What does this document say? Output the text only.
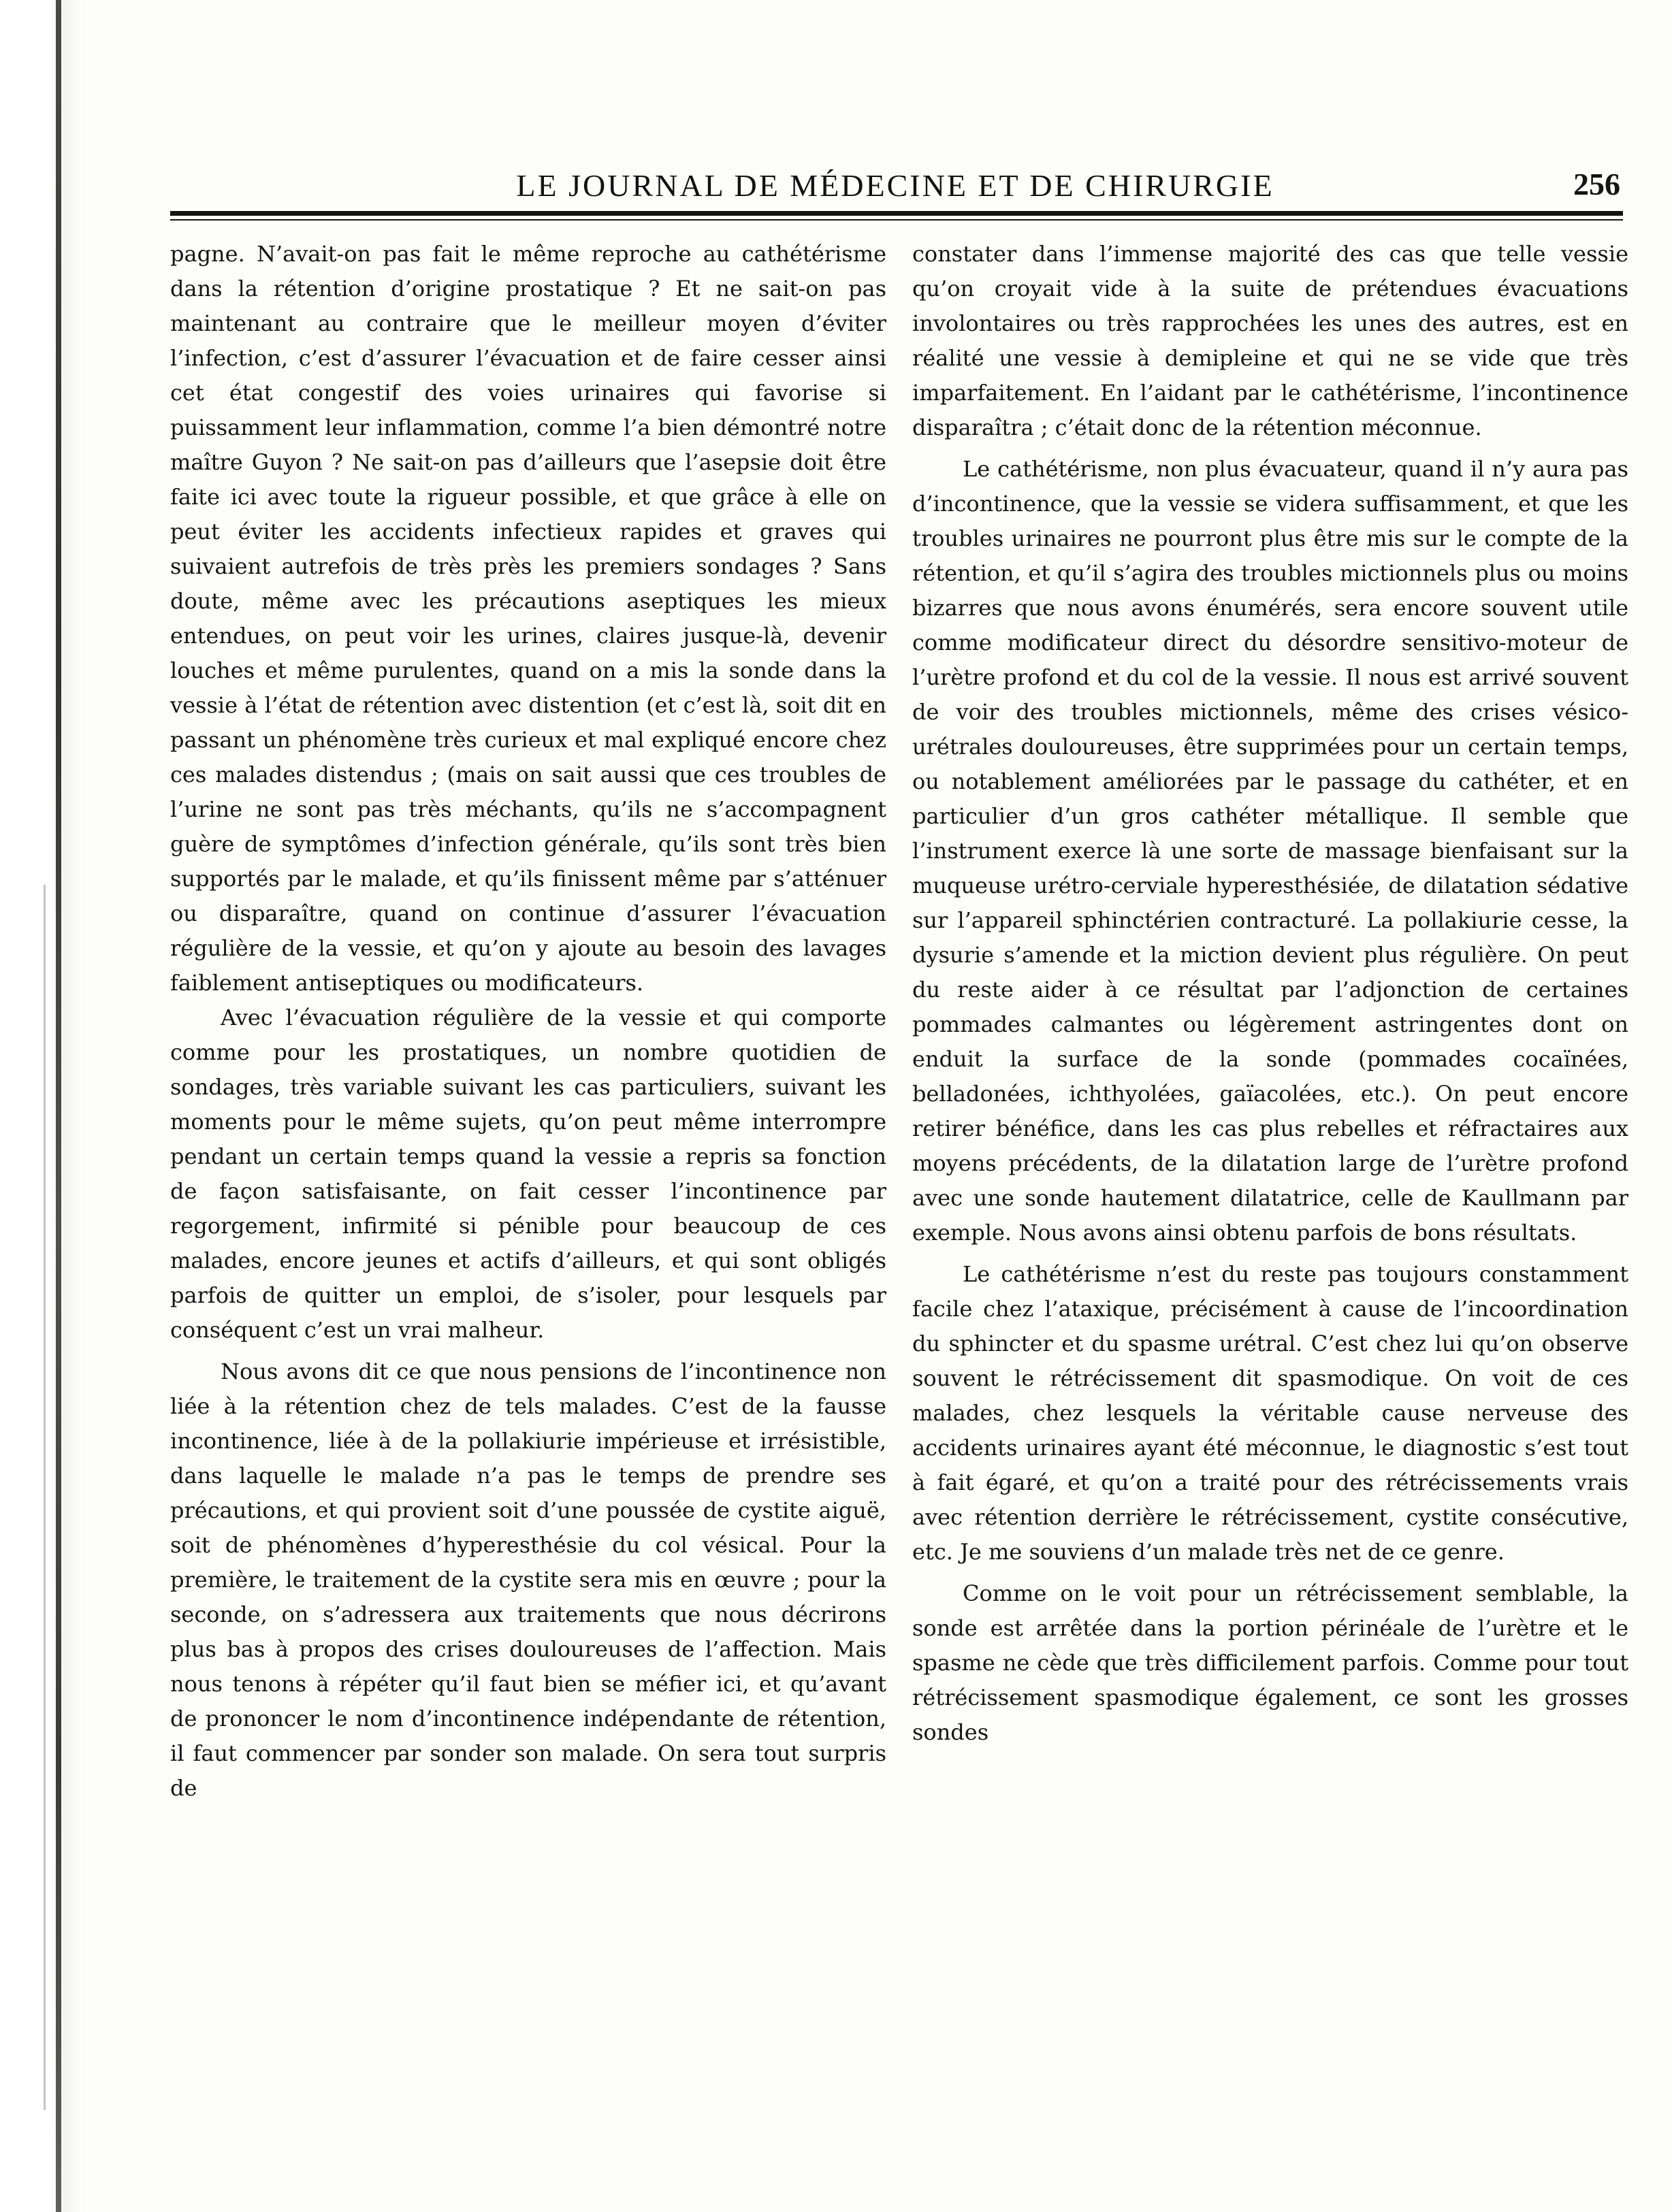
LE JOURNAL DE MÉDECINE ET DE CHIRURGIE	256

pagne. N’avait-on pas fait le même reproche au cathétérisme dans la rétention d’origine prostatique ? Et ne sait-on pas maintenant au contraire que le meilleur moyen d’éviter l’infection, c’est d’assurer l’évacuation et de faire cesser ainsi cet état congestif des voies urinaires qui favorise si puissamment leur inflammation, comme l’a bien démontré notre maître Guyon ? Ne sait-on pas d’ailleurs que l’asepsie doit être faite ici avec toute la rigueur possible, et que grâce à elle on peut éviter les accidents infectieux rapides et graves qui suivaient autrefois de très près les premiers sondages ? Sans doute, même avec les précautions aseptiques les mieux entendues, on peut voir les urines, claires jusque-là, devenir louches et même purulentes, quand on a mis la sonde dans la vessie à l’état de rétention avec distention (et c’est là, soit dit en passant un phénomène très curieux et mal expliqué encore chez ces malades distendus ; (mais on sait aussi que ces troubles de l’urine ne sont pas très méchants, qu’ils ne s’accompagnent guère de symptômes d’infection générale, qu’ils sont très bien supportés par le malade, et qu’ils finissent même par s’atténuer ou disparaître, quand on continue d’assurer l’évacuation régulière de la vessie, et qu’on y ajoute au besoin des lavages faiblement antiseptiques ou modificateurs.

Avec l’évacuation régulière de la vessie et qui comporte comme pour les prostatiques, un nombre quotidien de sondages, très variable suivant les cas particuliers, suivant les moments pour le même sujets, qu’on peut même interrompre pendant un certain temps quand la vessie a repris sa fonction de façon satisfaisante, on fait cesser l’incontinence par regorgement, infirmité si pénible pour beaucoup de ces malades, encore jeunes et actifs d’ailleurs, et qui sont obligés parfois de quitter un emploi, de s’isoler, pour lesquels par conséquent c’est un vrai malheur.

Nous avons dit ce que nous pensions de l’incontinence non liée à la rétention chez de tels malades. C’est de la fausse incontinence, liée à de la pollakiurie impérieuse et irrésistible, dans laquelle le malade n’a pas le temps de prendre ses précautions, et qui provient soit d’une poussée de cystite aiguë, soit de phénomènes d’hyperesthésie du col vésical. Pour la première, le traitement de la cystite sera mis en œuvre ; pour la seconde, on s’adressera aux traitements que nous décrirons plus bas à propos des crises douloureuses de l’affection. Mais nous tenons à répéter qu’il faut bien se méfier ici, et qu’avant de prononcer le nom d’incontinence indépendante de rétention, il faut commencer par sonder son malade. On sera tout surpris de

constater dans l’immense majorité des cas que telle vessie qu’on croyait vide à la suite de prétendues évacuations involontaires ou très rapprochées les unes des autres, est en réalité une vessie à demipleine et qui ne se vide que très imparfaitement. En l’aidant par le cathétérisme, l’incontinence disparaîtra ; c’était donc de la rétention méconnue.

Le cathétérisme, non plus évacuateur, quand il n’y aura pas d’incontinence, que la vessie se videra suffisamment, et que les troubles urinaires ne pourront plus être mis sur le compte de la rétention, et qu’il s’agira des troubles mictionnels plus ou moins bizarres que nous avons énumérés, sera encore souvent utile comme modificateur direct du désordre sensitivo-moteur de l’urètre profond et du col de la vessie. Il nous est arrivé souvent de voir des troubles mictionnels, même des crises vésico-urétrales douloureuses, être supprimées pour un certain temps, ou notablement améliorées par le passage du cathéter, et en particulier d’un gros cathéter métallique. Il semble que l’instrument exerce là une sorte de massage bienfaisant sur la muqueuse urétro-cerviale hyperesthésiée, de dilatation sédative sur l’appareil sphinctérien contracturé. La pollakiurie cesse, la dysurie s’amende et la miction devient plus régulière. On peut du reste aider à ce résultat par l’adjonction de certaines pommades calmantes ou légèrement astringentes dont on enduit la surface de la sonde (pommades cocaïnées, belladonées, ichthyolées, gaïacolées, etc.). On peut encore retirer bénéfice, dans les cas plus rebelles et réfractaires aux moyens précédents, de la dilatation large de l’urètre profond avec une sonde hautement dilatatrice, celle de Kaullmann par exemple. Nous avons ainsi obtenu parfois de bons résultats.

Le cathétérisme n’est du reste pas toujours constamment facile chez l’ataxique, précisément à cause de l’incoordination du sphincter et du spasme urétral. C’est chez lui qu’on observe souvent le rétrécissement dit spasmodique. On voit de ces malades, chez lesquels la véritable cause nerveuse des accidents urinaires ayant été méconnue, le diagnostic s’est tout à fait égaré, et qu’on a traité pour des rétrécissements vrais avec rétention derrière le rétrécissement, cystite consécutive, etc. Je me souviens d’un malade très net de ce genre.

Comme on le voit pour un rétrécissement semblable, la sonde est arrêtée dans la portion périnéale de l’urètre et le spasme ne cède que très difficilement parfois. Comme pour tout rétrécissement spasmodique également, ce sont les grosses sondes
